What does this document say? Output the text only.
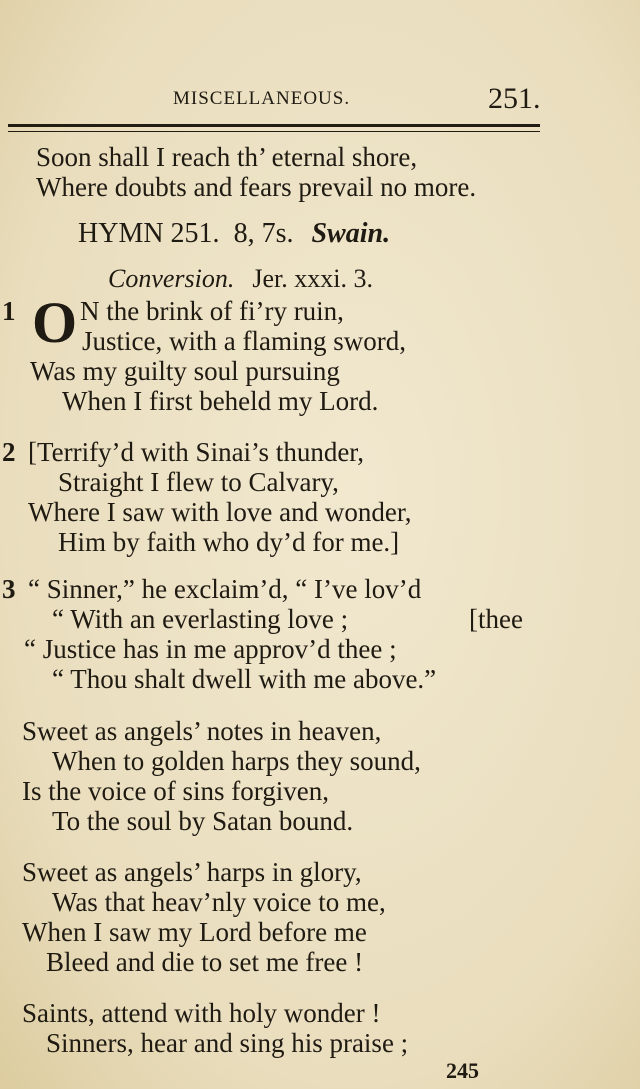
MISCELLANEOUS.	251.
Soon shall I reach th’ eternal shore,
Where doubts and fears prevail no more.
HYMN 251. 8, 7s. Swain.
Conversion. Jer. xxxi. 3.
1 O N the brink of fi’ry ruin,
Justice, with a flaming sword,
Was my guilty soul pursuing
When I first beheld my Lord.
2 [Terrify’d with Sinai’s thunder,
Straight I flew to Calvary,
Where I saw with love and wonder,
Him by faith who dy’d for me.]
3 “ Sinner,” he exclaim’d, “ I’ve lov’d
“ With an everlasting love ;	[thee
“ Justice has in me approv’d thee ;
“ Thou shalt dwell with me above.”
Sweet as angels’ notes in heaven,
When to golden harps they sound,
Is the voice of sins forgiven,
To the soul by Satan bound.
Sweet as angels’ harps in glory,
Was that heav’nly voice to me,
When I saw my Lord before me
Bleed and die to set me free !
Saints, attend with holy wonder !
Sinners, hear and sing his praise ;
245
